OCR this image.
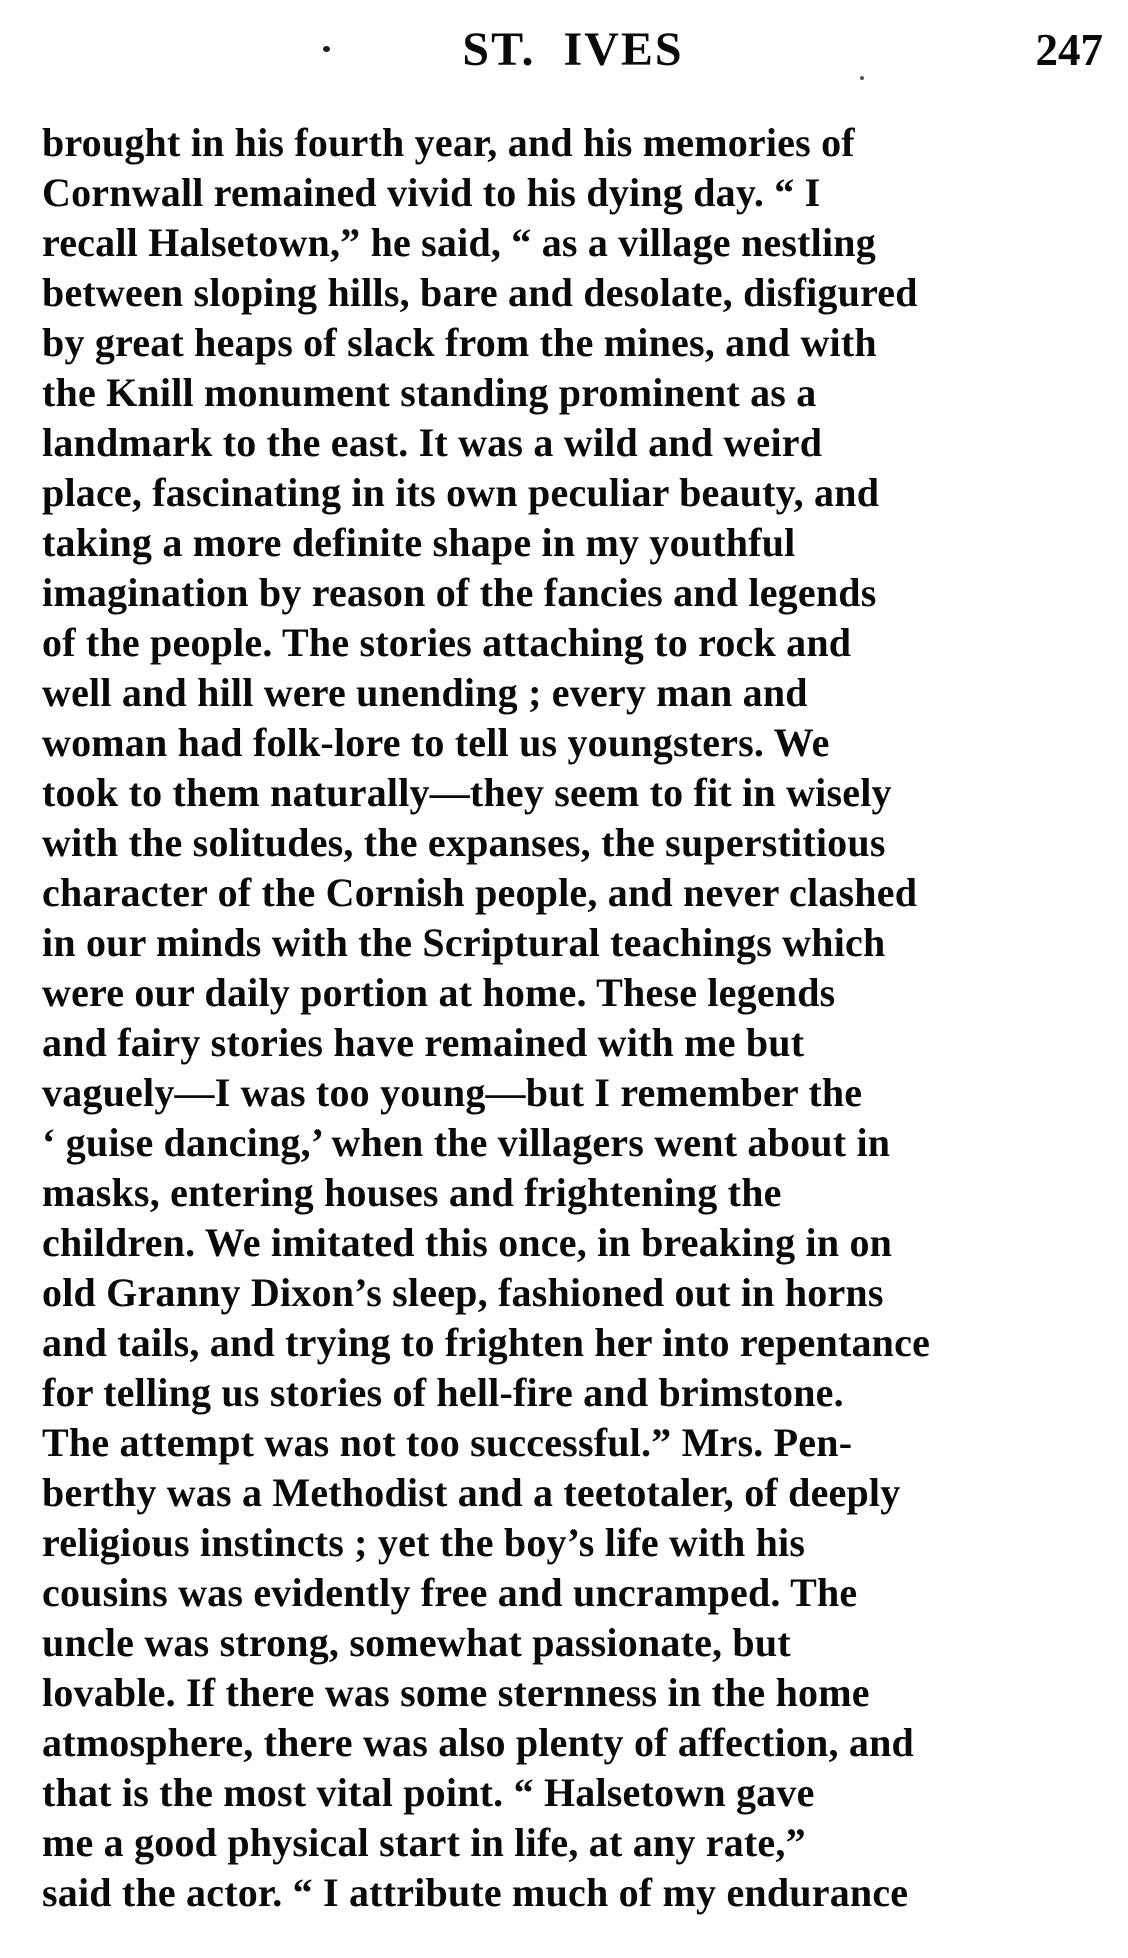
ST. IVES	247
brought in his fourth year, and his memories of
Cornwall remained vivid to his dying day. “ I
recall Halsetown,” he said, “ as a village nestling
between sloping hills, bare and desolate, disfigured
by great heaps of slack from the mines, and with
the Knill monument standing prominent as a
landmark to the east. It was a wild and weird
place, fascinating in its own peculiar beauty, and
taking a more definite shape in my youthful
imagination by reason of the fancies and legends
of the people. The stories attaching to rock and
well and hill were unending ; every man and
woman had folk-lore to tell us youngsters. We
took to them naturally—they seem to fit in wisely
with the solitudes, the expanses, the superstitious
character of the Cornish people, and never clashed
in our minds with the Scriptural teachings which
were our daily portion at home. These legends
and fairy stories have remained with me but
vaguely—I was too young—but I remember the
‘ guise dancing,’ when the villagers went about in
masks, entering houses and frightening the
children. We imitated this once, in breaking in on
old Granny Dixon’s sleep, fashioned out in horns
and tails, and trying to frighten her into repentance
for telling us stories of hell-fire and brimstone.
The attempt was not too successful.” Mrs. Pen-
berthy was a Methodist and a teetotaler, of deeply
religious instincts ; yet the boy’s life with his
cousins was evidently free and uncramped. The
uncle was strong, somewhat passionate, but
lovable. If there was some sternness in the home
atmosphere, there was also plenty of affection, and
that is the most vital point. “ Halsetown gave
me a good physical start in life, at any rate,”
said the actor. “ I attribute much of my endurance
